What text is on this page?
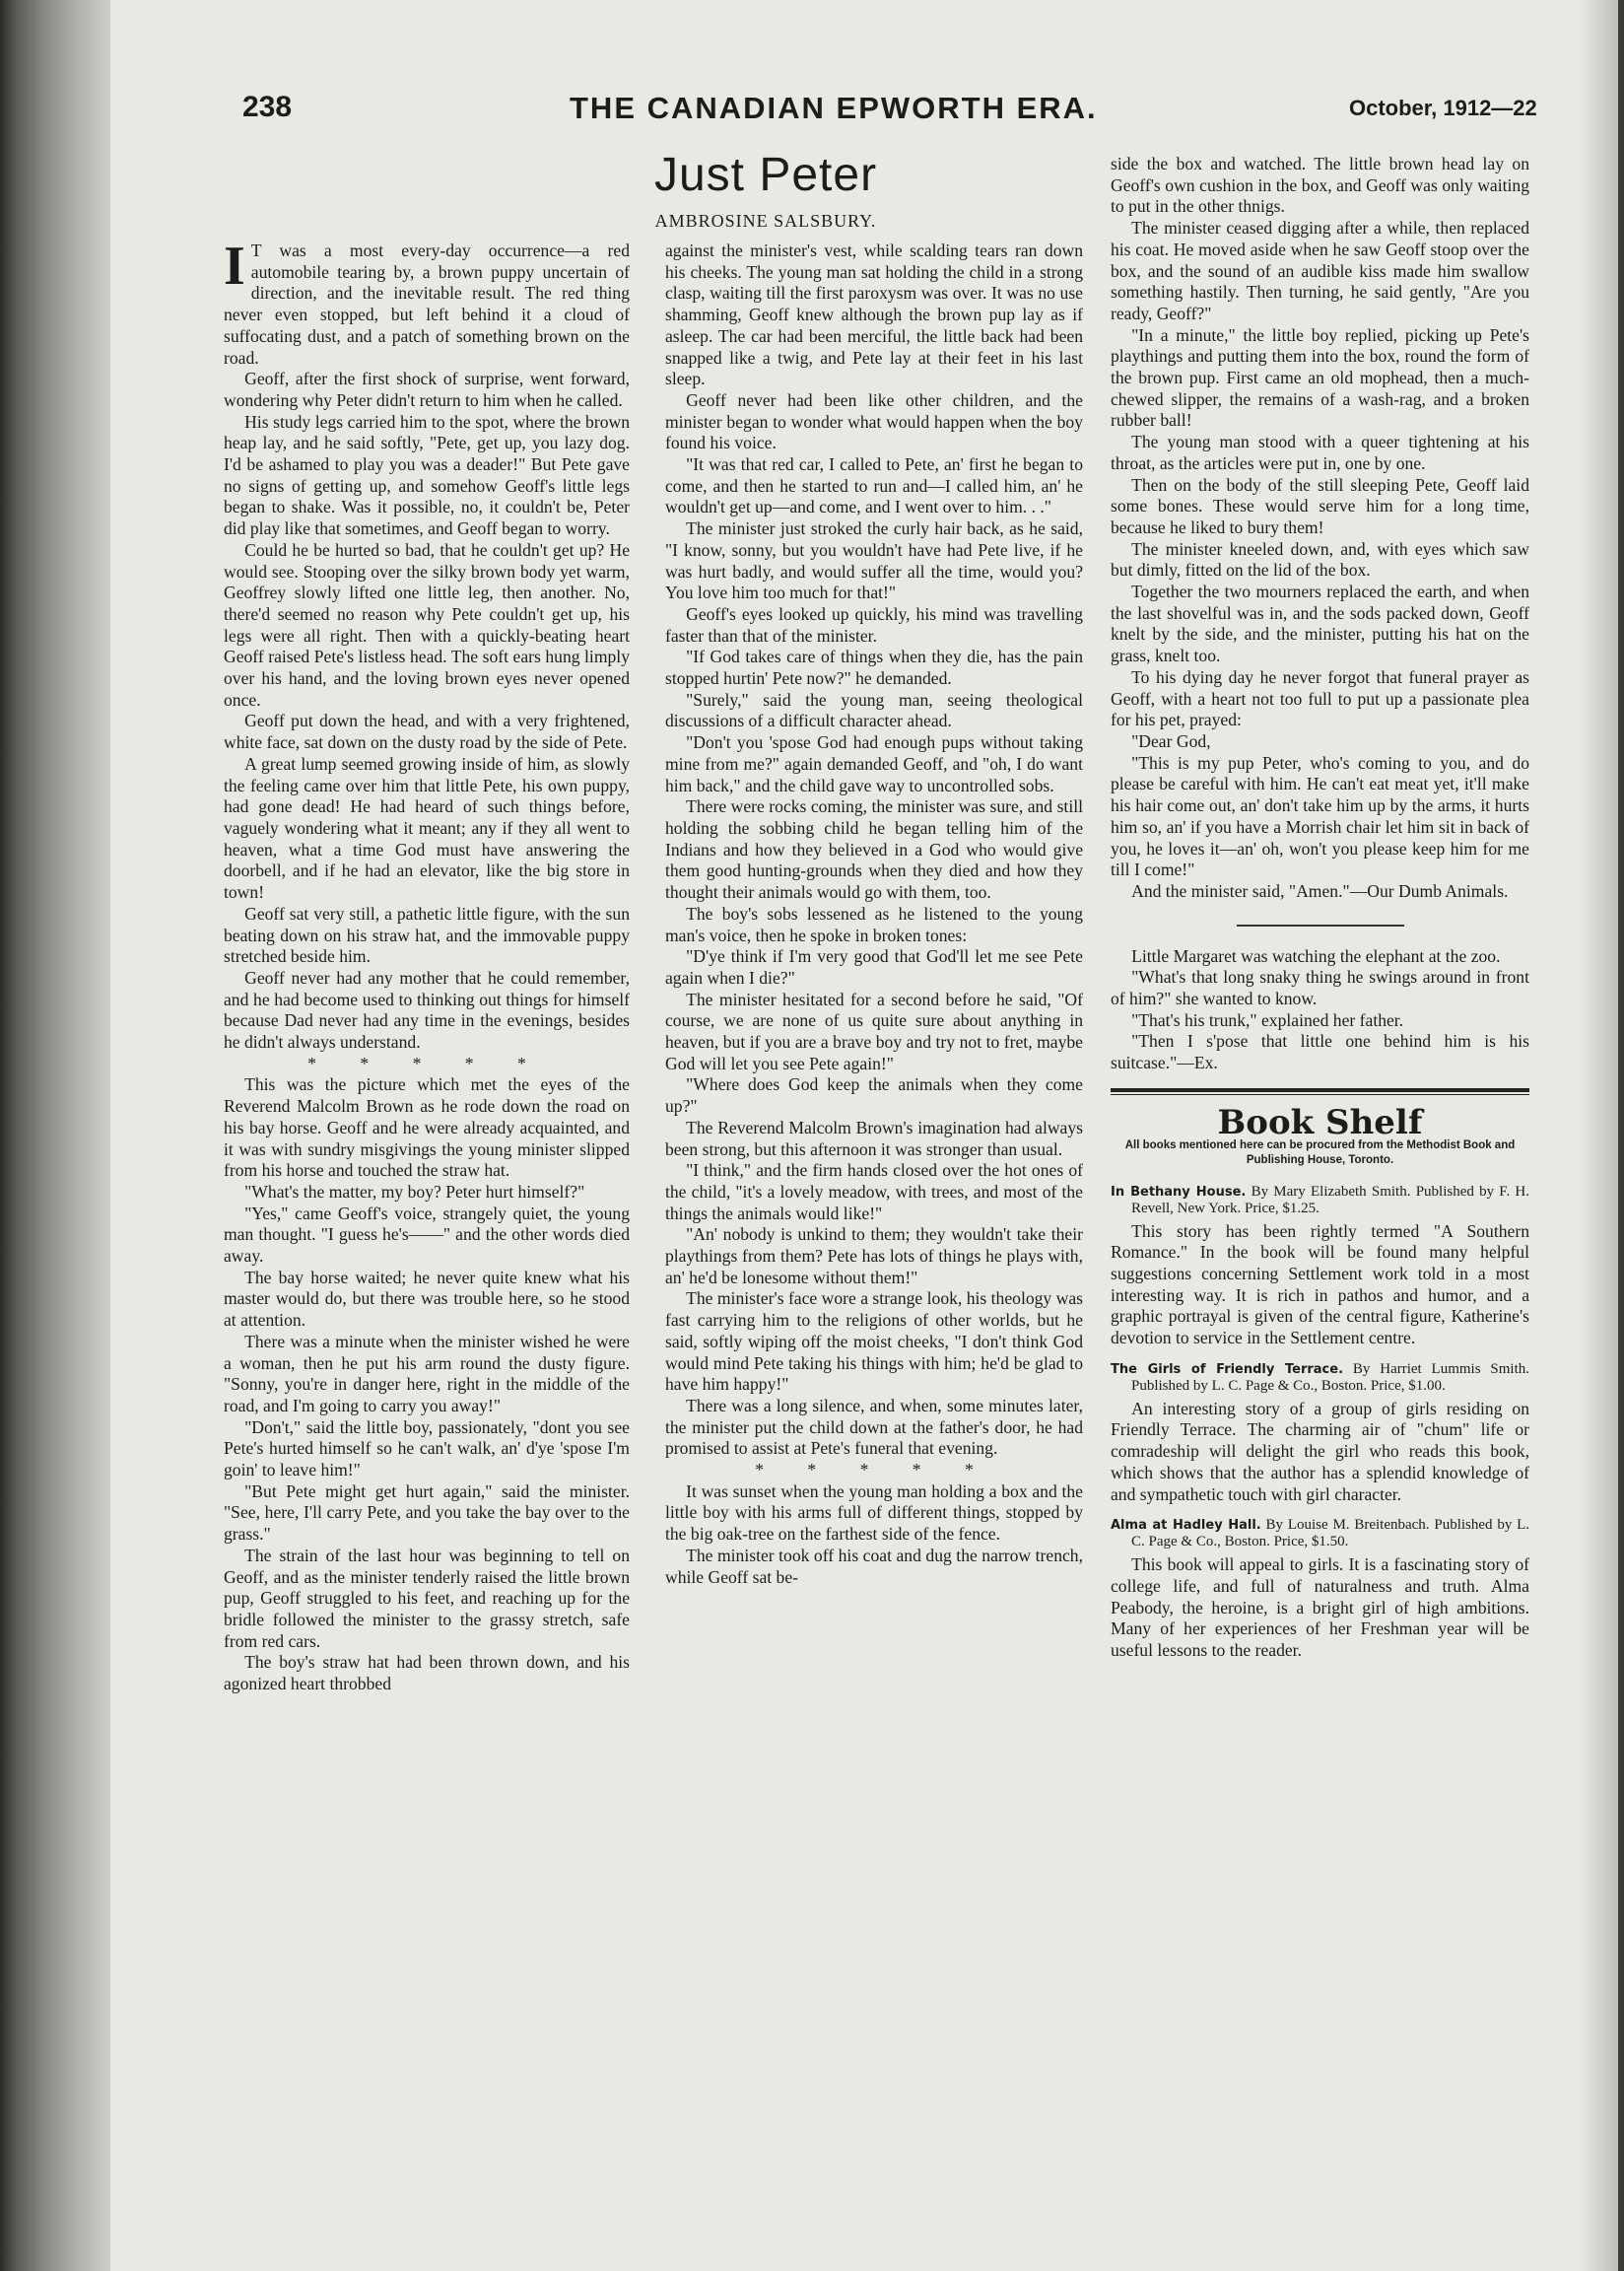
238	THE CANADIAN EPWORTH ERA.	October, 1912—22
Just Peter
AMBROSINE SALSBURY.

I T was a most every-day occurrence—a red automobile tearing by, a brown puppy uncertain of direction, and the inevitable result. The red thing never even stopped, but left behind it a cloud of suffocating dust, and a patch of something brown on the road.

Geoff, after the first shock of surprise, went forward, wondering why Peter didn't return to him when he called.

His study legs carried him to the spot, where the brown heap lay, and he said softly, "Pete, get up, you lazy dog. I'd be ashamed to play you was a deader!" But Pete gave no signs of getting up, and somehow Geoff's little legs began to shake. Was it possible, no, it couldn't be, Peter did play like that sometimes, and Geoff began to worry.

Could he be hurted so bad, that he couldn't get up? He would see. Stooping over the silky brown body yet warm, Geoffrey slowly lifted one little leg, then another. No, there'd seemed no reason why Pete couldn't get up, his legs were all right. Then with a quickly-beating heart Geoff raised Pete's listless head. The soft ears hung limply over his hand, and the loving brown eyes never opened once.

Geoff put down the head, and with a very frightened, white face, sat down on the dusty road by the side of Pete.

A great lump seemed growing inside of him, as slowly the feeling came over him that little Pete, his own puppy, had gone dead! He had heard of such things before, vaguely wondering what it meant; any if they all went to heaven, what a time God must have answering the doorbell, and if he had an elevator, like the big store in town!

Geoff sat very still, a pathetic little figure, with the sun beating down on his straw hat, and the immovable puppy stretched beside him.

Geoff never had any mother that he could remember, and he had become used to thinking out things for himself because Dad never had any time in the evenings, besides he didn't always understand.

* * * * *

This was the picture which met the eyes of the Reverend Malcolm Brown as he rode down the road on his bay horse. Geoff and he were already acquainted, and it was with sundry misgivings the young minister slipped from his horse and touched the straw hat.

"What's the matter, my boy? Peter hurt himself?"

"Yes," came Geoff's voice, strangely quiet, the young man thought. "I guess he's——" and the other words died away.

The bay horse waited; he never quite knew what his master would do, but there was trouble here, so he stood at attention.

There was a minute when the minister wished he were a woman, then he put his arm round the dusty figure. "Sonny, you're in danger here, right in the middle of the road, and I'm going to carry you away!"

"Don't," said the little boy, passionately, "dont you see Pete's hurted himself so he can't walk, an' d'ye 'spose I'm goin' to leave him!"

"But Pete might get hurt again," said the minister. "See, here, I'll carry Pete, and you take the bay over to the grass."

The strain of the last hour was beginning to tell on Geoff, and as the minister tenderly raised the little brown pup, Geoff struggled to his feet, and reaching up for the bridle followed the minister to the grassy stretch, safe from red cars.

The boy's straw hat had been thrown down, and his agonized heart throbbed

against the minister's vest, while scalding tears ran down his cheeks. The young man sat holding the child in a strong clasp, waiting till the first paroxysm was over. It was no use shamming, Geoff knew although the brown pup lay as if asleep. The car had been merciful, the little back had been snapped like a twig, and Pete lay at their feet in his last sleep.

Geoff never had been like other children, and the minister began to wonder what would happen when the boy found his voice.

"It was that red car, I called to Pete, an' first he began to come, and then he started to run and—I called him, an' he wouldn't get up—and come, and I went over to him. . ."

The minister just stroked the curly hair back, as he said, "I know, sonny, but you wouldn't have had Pete live, if he was hurt badly, and would suffer all the time, would you? You love him too much for that!"

Geoff's eyes looked up quickly, his mind was travelling faster than that of the minister.

"If God takes care of things when they die, has the pain stopped hurtin' Pete now?" he demanded.

"Surely," said the young man, seeing theological discussions of a difficult character ahead.

"Don't you 'spose God had enough pups without taking mine from me?" again demanded Geoff, and "oh, I do want him back," and the child gave way to uncontrolled sobs.

There were rocks coming, the minister was sure, and still holding the sobbing child he began telling him of the Indians and how they believed in a God who would give them good hunting-grounds when they died and how they thought their animals would go with them, too.

The boy's sobs lessened as he listened to the young man's voice, then he spoke in broken tones:

"D'ye think if I'm very good that God'll let me see Pete again when I die?"

The minister hesitated for a second before he said, "Of course, we are none of us quite sure about anything in heaven, but if you are a brave boy and try not to fret, maybe God will let you see Pete again!"

"Where does God keep the animals when they come up?"

The Reverend Malcolm Brown's imagination had always been strong, but this afternoon it was stronger than usual.

"I think," and the firm hands closed over the hot ones of the child, "it's a lovely meadow, with trees, and most of the things the animals would like!"

"An' nobody is unkind to them; they wouldn't take their playthings from them? Pete has lots of things he plays with, an' he'd be lonesome without them!"

The minister's face wore a strange look, his theology was fast carrying him to the religions of other worlds, but he said, softly wiping off the moist cheeks, "I don't think God would mind Pete taking his things with him; he'd be glad to have him happy!"

There was a long silence, and when, some minutes later, the minister put the child down at the father's door, he had promised to assist at Pete's funeral that evening.

* * * * *

It was sunset when the young man holding a box and the little boy with his arms full of different things, stopped by the big oak-tree on the farthest side of the fence.

The minister took off his coat and dug the narrow trench, while Geoff sat be-

side the box and watched. The little brown head lay on Geoff's own cushion in the box, and Geoff was only waiting to put in the other thnigs.

The minister ceased digging after a while, then replaced his coat. He moved aside when he saw Geoff stoop over the box, and the sound of an audible kiss made him swallow something hastily. Then turning, he said gently, "Are you ready, Geoff?"

"In a minute," the little boy replied, picking up Pete's playthings and putting them into the box, round the form of the brown pup. First came an old mophead, then a much-chewed slipper, the remains of a wash-rag, and a broken rubber ball!

The young man stood with a queer tightening at his throat, as the articles were put in, one by one.

Then on the body of the still sleeping Pete, Geoff laid some bones. These would serve him for a long time, because he liked to bury them!

The minister kneeled down, and, with eyes which saw but dimly, fitted on the lid of the box.

Together the two mourners replaced the earth, and when the last shovelful was in, and the sods packed down, Geoff knelt by the side, and the minister, putting his hat on the grass, knelt too.

To his dying day he never forgot that funeral prayer as Geoff, with a heart not too full to put up a passionate plea for his pet, prayed:

"Dear God,

"This is my pup Peter, who's coming to you, and do please be careful with him. He can't eat meat yet, it'll make his hair come out, an' don't take him up by the arms, it hurts him so, an' if you have a Morrish chair let him sit in back of you, he loves it—an' oh, won't you please keep him for me till I come!"

And the minister said, "Amen."—Our Dumb Animals.

Little Margaret was watching the elephant at the zoo.

"What's that long snaky thing he swings around in front of him?" she wanted to know.

"That's his trunk," explained her father.

"Then I s'pose that little one behind him is his suitcase."—Ex.

Book Shelf
All books mentioned here can be procured from the Methodist Book and Publishing House, Toronto.
In Bethany House. By Mary Elizabeth Smith. Published by F. H. Revell, New York. Price, $1.25.

This story has been rightly termed "A Southern Romance." In the book will be found many helpful suggestions concerning Settlement work told in a most interesting way. It is rich in pathos and humor, and a graphic portrayal is given of the central figure, Katherine's devotion to service in the Settlement centre.

The Girls of Friendly Terrace. By Harriet Lummis Smith. Published by L. C. Page & Co., Boston. Price, $1.00.

An interesting story of a group of girls residing on Friendly Terrace. The charming air of "chum" life or comradeship will delight the girl who reads this book, which shows that the author has a splendid knowledge of and sympathetic touch with girl character.

Alma at Hadley Hall. By Louise M. Breitenbach. Published by L. C. Page & Co., Boston. Price, $1.50.

This book will appeal to girls. It is a fascinating story of college life, and full of naturalness and truth. Alma Peabody, the heroine, is a bright girl of high ambitions. Many of her experiences of her Freshman year will be useful lessons to the reader.
